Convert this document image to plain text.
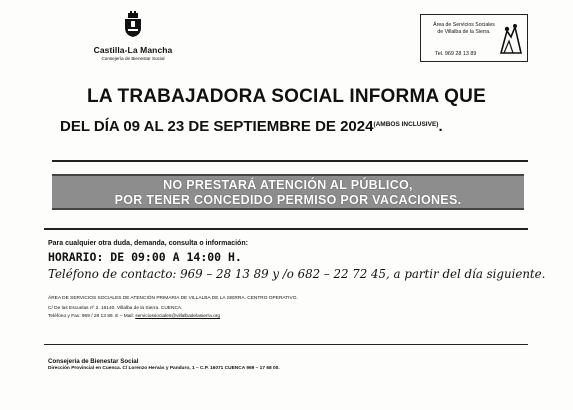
Castilla-La Mancha
Consejería de Bienestar Social
Área de Servicios Sociales
de Villalba de la Sierra.
Tel. 969 28 13 89
LA TRABAJADORA SOCIAL INFORMA QUE
DEL DÍA 09 AL 23 DE SEPTIEMBRE DE $2024^{(AMBOS INCLUSIVE)}$.
NO PRESTARÁ ATENCIÓN AL PÚBLICO,
POR TENER CONCEDIDO PERMISO POR VACACIONES.
Para cualquier otra duda, demanda, consulta o información:
HORARIO: DE 09:00 A 14:00 H.
Teléfono de contacto: 969 – 28 13 89 y /o 682 – 22 72 45, a partir del día siguiente.
ÁREA DE SERVICIOS SOCIALES DE ATENCIÓN PRIMARIA DE VILLALBA DE LA SIERRA. CENTRO OPERATIVO.
C/ De las Escuelas nº 2. 16140. Villalba de la Sierra. CUENCA.
Teléfono y Fax: 969 / 28 13 89. E – Mail: serviciossociales@villalbadelasierra.org
Consejería de Bienestar Social
Dirección Provincial en Cuenca. C/ Lorenzo Hervás y Panduro, 1 – C.P. 16071 CUENCA 969 – 17 68 00.
